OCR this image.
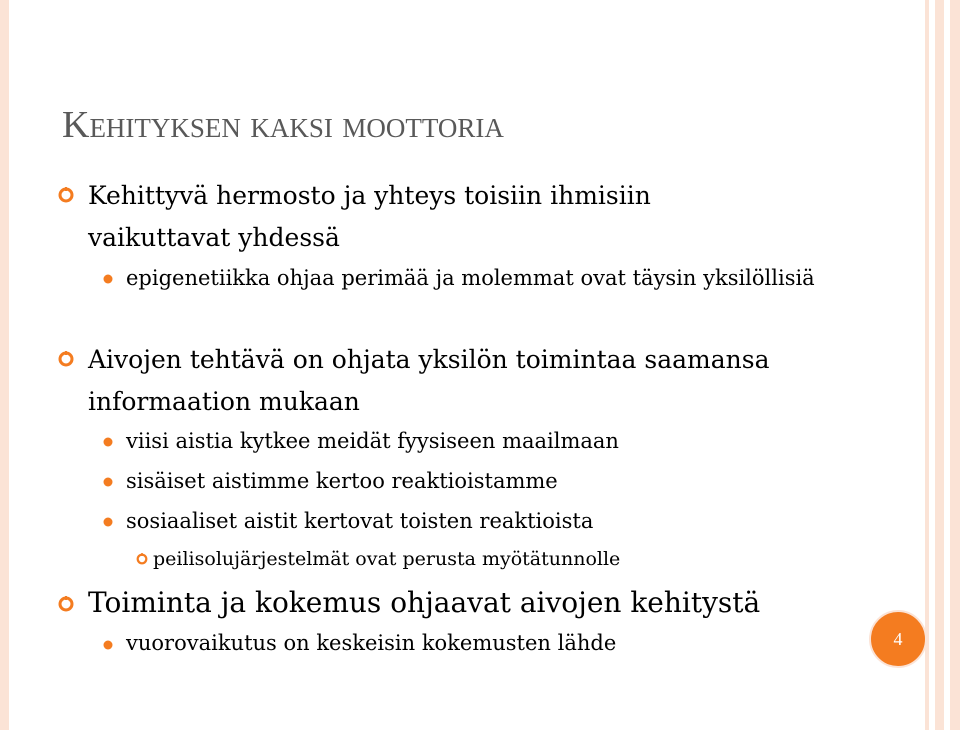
Kehityksen kaksi moottoria
Kehittyvä hermosto ja yhteys toisiin ihmisiin vaikuttavat yhdessä
epigenetiikka ohjaa perimää ja molemmat ovat täysin yksilöllisiä
Aivojen tehtävä on ohjata yksilön toimintaa saamansa informaation mukaan
viisi aistia kytkee meidät fyysiseen maailmaan
sisäiset aistimme kertoo reaktioistamme
sosiaaliset aistit kertovat toisten reaktioista
peilisolujärjestelmät ovat perusta myötätunnolle
Toiminta ja kokemus ohjaavat aivojen kehitystä
vuorovaikutus on keskeisin kokemusten lähde	4
